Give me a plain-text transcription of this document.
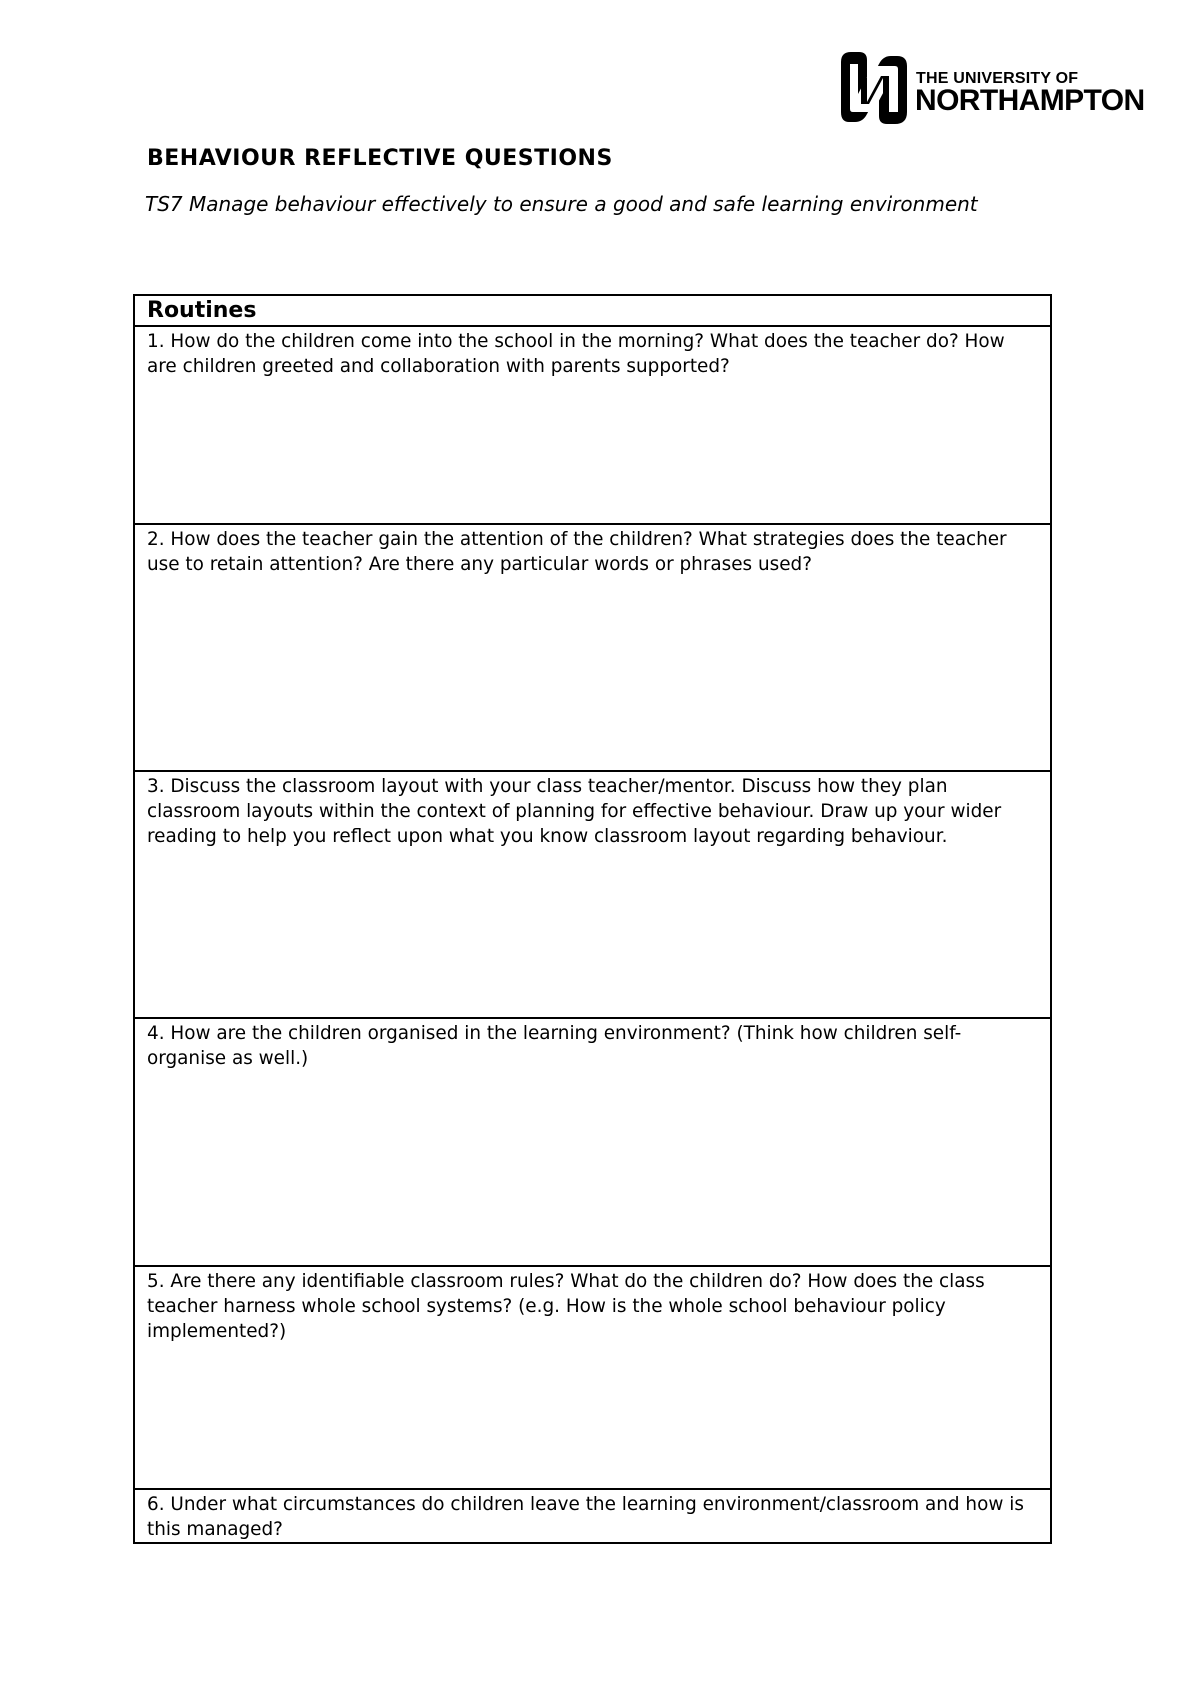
THE UNIVERSITY OF
NORTHAMPTON
BEHAVIOUR REFLECTIVE QUESTIONS
TS7 Manage behaviour effectively to ensure a good and safe learning environment
Routines
1. How do the children come into the school in the morning? What does the teacher do? How are children greeted and collaboration with parents supported?
2. How does the teacher gain the attention of the children? What strategies does the teacher use to retain attention? Are there any particular words or phrases used?
3. Discuss the classroom layout with your class teacher/mentor. Discuss how they plan classroom layouts within the context of planning for effective behaviour. Draw up your wider reading to help you reflect upon what you know classroom layout regarding behaviour.
4. How are the children organised in the learning environment? (Think how children self-organise as well.)
5. Are there any identifiable classroom rules? What do the children do? How does the class teacher harness whole school systems? (e.g. How is the whole school behaviour policy implemented?)
6. Under what circumstances do children leave the learning environment/classroom and how is this managed?
